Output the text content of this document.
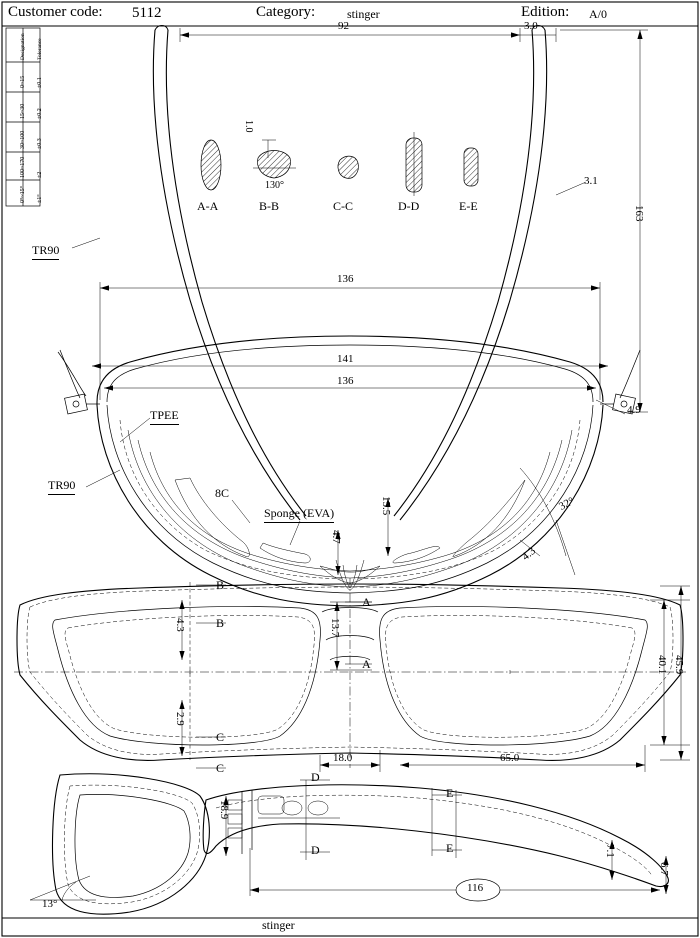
Customer code: 5112	Category:	stinger	Edition: A/0
Designation Tolerance
0~15 ±0.1
15~30 ±0.2
30~100 ±0.3
100~170 ±2
0°~15° ±1°
92	3.0
136
163
141
136
3.1
4.9
15.5
4.7
32°
4.3
TR90
TR90
TPEE
Sponge (EVA)
8C
A-A	B-B	C-C	D-D	E-E
130°
1.0
B
B
C
C
A
A
4.3
2.9
13.7
18.0	65.0
40.1 45.9
D
D
E
E
13°
18.9
7.1
6.7
116
stinger
